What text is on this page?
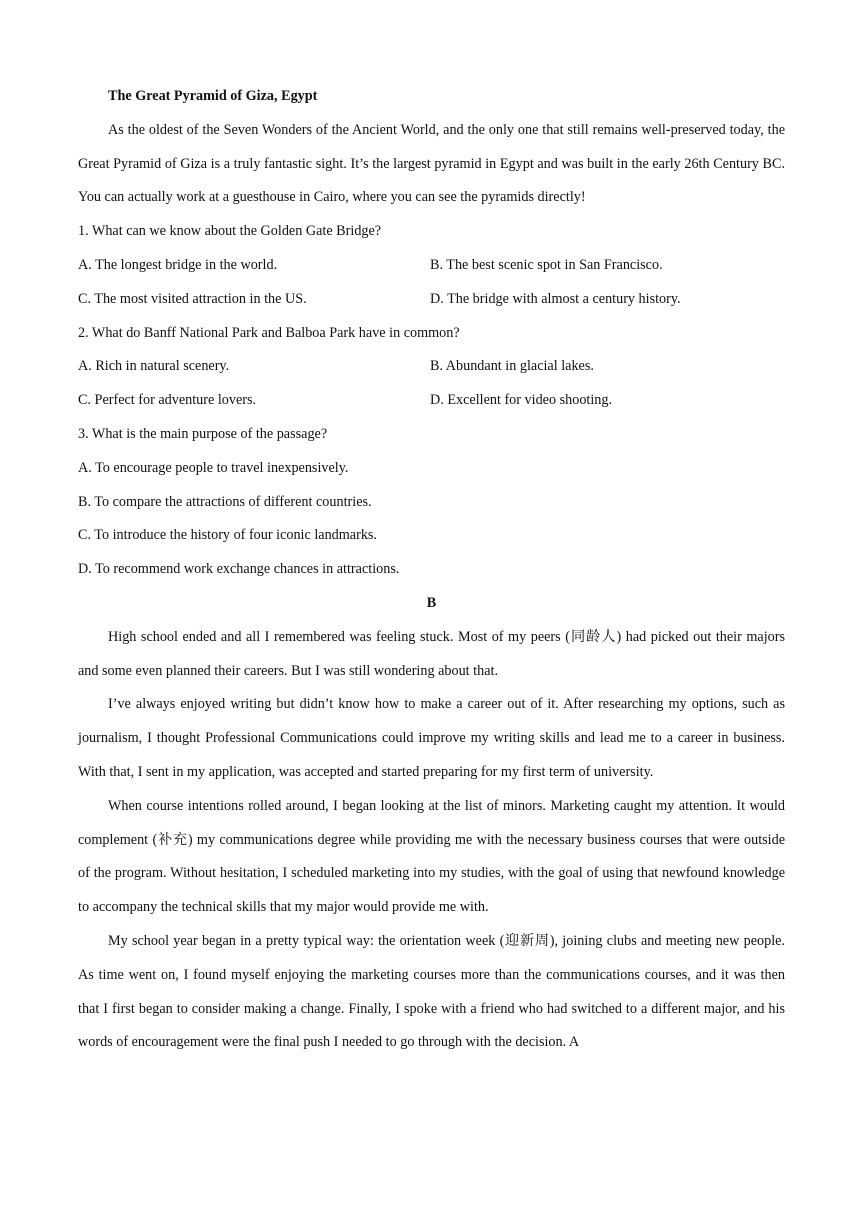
The Great Pyramid of Giza, Egypt

As the oldest of the Seven Wonders of the Ancient World, and the only one that still remains well-preserved today, the Great Pyramid of Giza is a truly fantastic sight. It’s the largest pyramid in Egypt and was built in the early 26th Century BC. You can actually work at a guesthouse in Cairo, where you can see the pyramids directly!

1. What can we know about the Golden Gate Bridge?

A. The longest bridge in the world.	B. The best scenic spot in San Francisco.
C. The most visited attraction in the US.	D. The bridge with almost a century history.

2. What do Banff National Park and Balboa Park have in common?

A. Rich in natural scenery.	B. Abundant in glacial lakes.
C. Perfect for adventure lovers.	D. Excellent for video shooting.

3. What is the main purpose of the passage?

A. To encourage people to travel inexpensively.

B. To compare the attractions of different countries.

C. To introduce the history of four iconic landmarks.

D. To recommend work exchange chances in attractions.

B

High school ended and all I remembered was feeling stuck. Most of my peers (同龄人) had picked out their majors and some even planned their careers. But I was still wondering about that.

I’ve always enjoyed writing but didn’t know how to make a career out of it. After researching my options, such as journalism, I thought Professional Communications could improve my writing skills and lead me to a career in business. With that, I sent in my application, was accepted and started preparing for my first term of university.

When course intentions rolled around, I began looking at the list of minors. Marketing caught my attention. It would complement (补充) my communications degree while providing me with the necessary business courses that were outside of the program. Without hesitation, I scheduled marketing into my studies, with the goal of using that newfound knowledge to accompany the technical skills that my major would provide me with.

My school year began in a pretty typical way: the orientation week (迎新周), joining clubs and meeting new people. As time went on, I found myself enjoying the marketing courses more than the communications courses, and it was then that I first began to consider making a change. Finally, I spoke with a friend who had switched to a different major, and his words of encouragement were the final push I needed to go through with the decision. A
